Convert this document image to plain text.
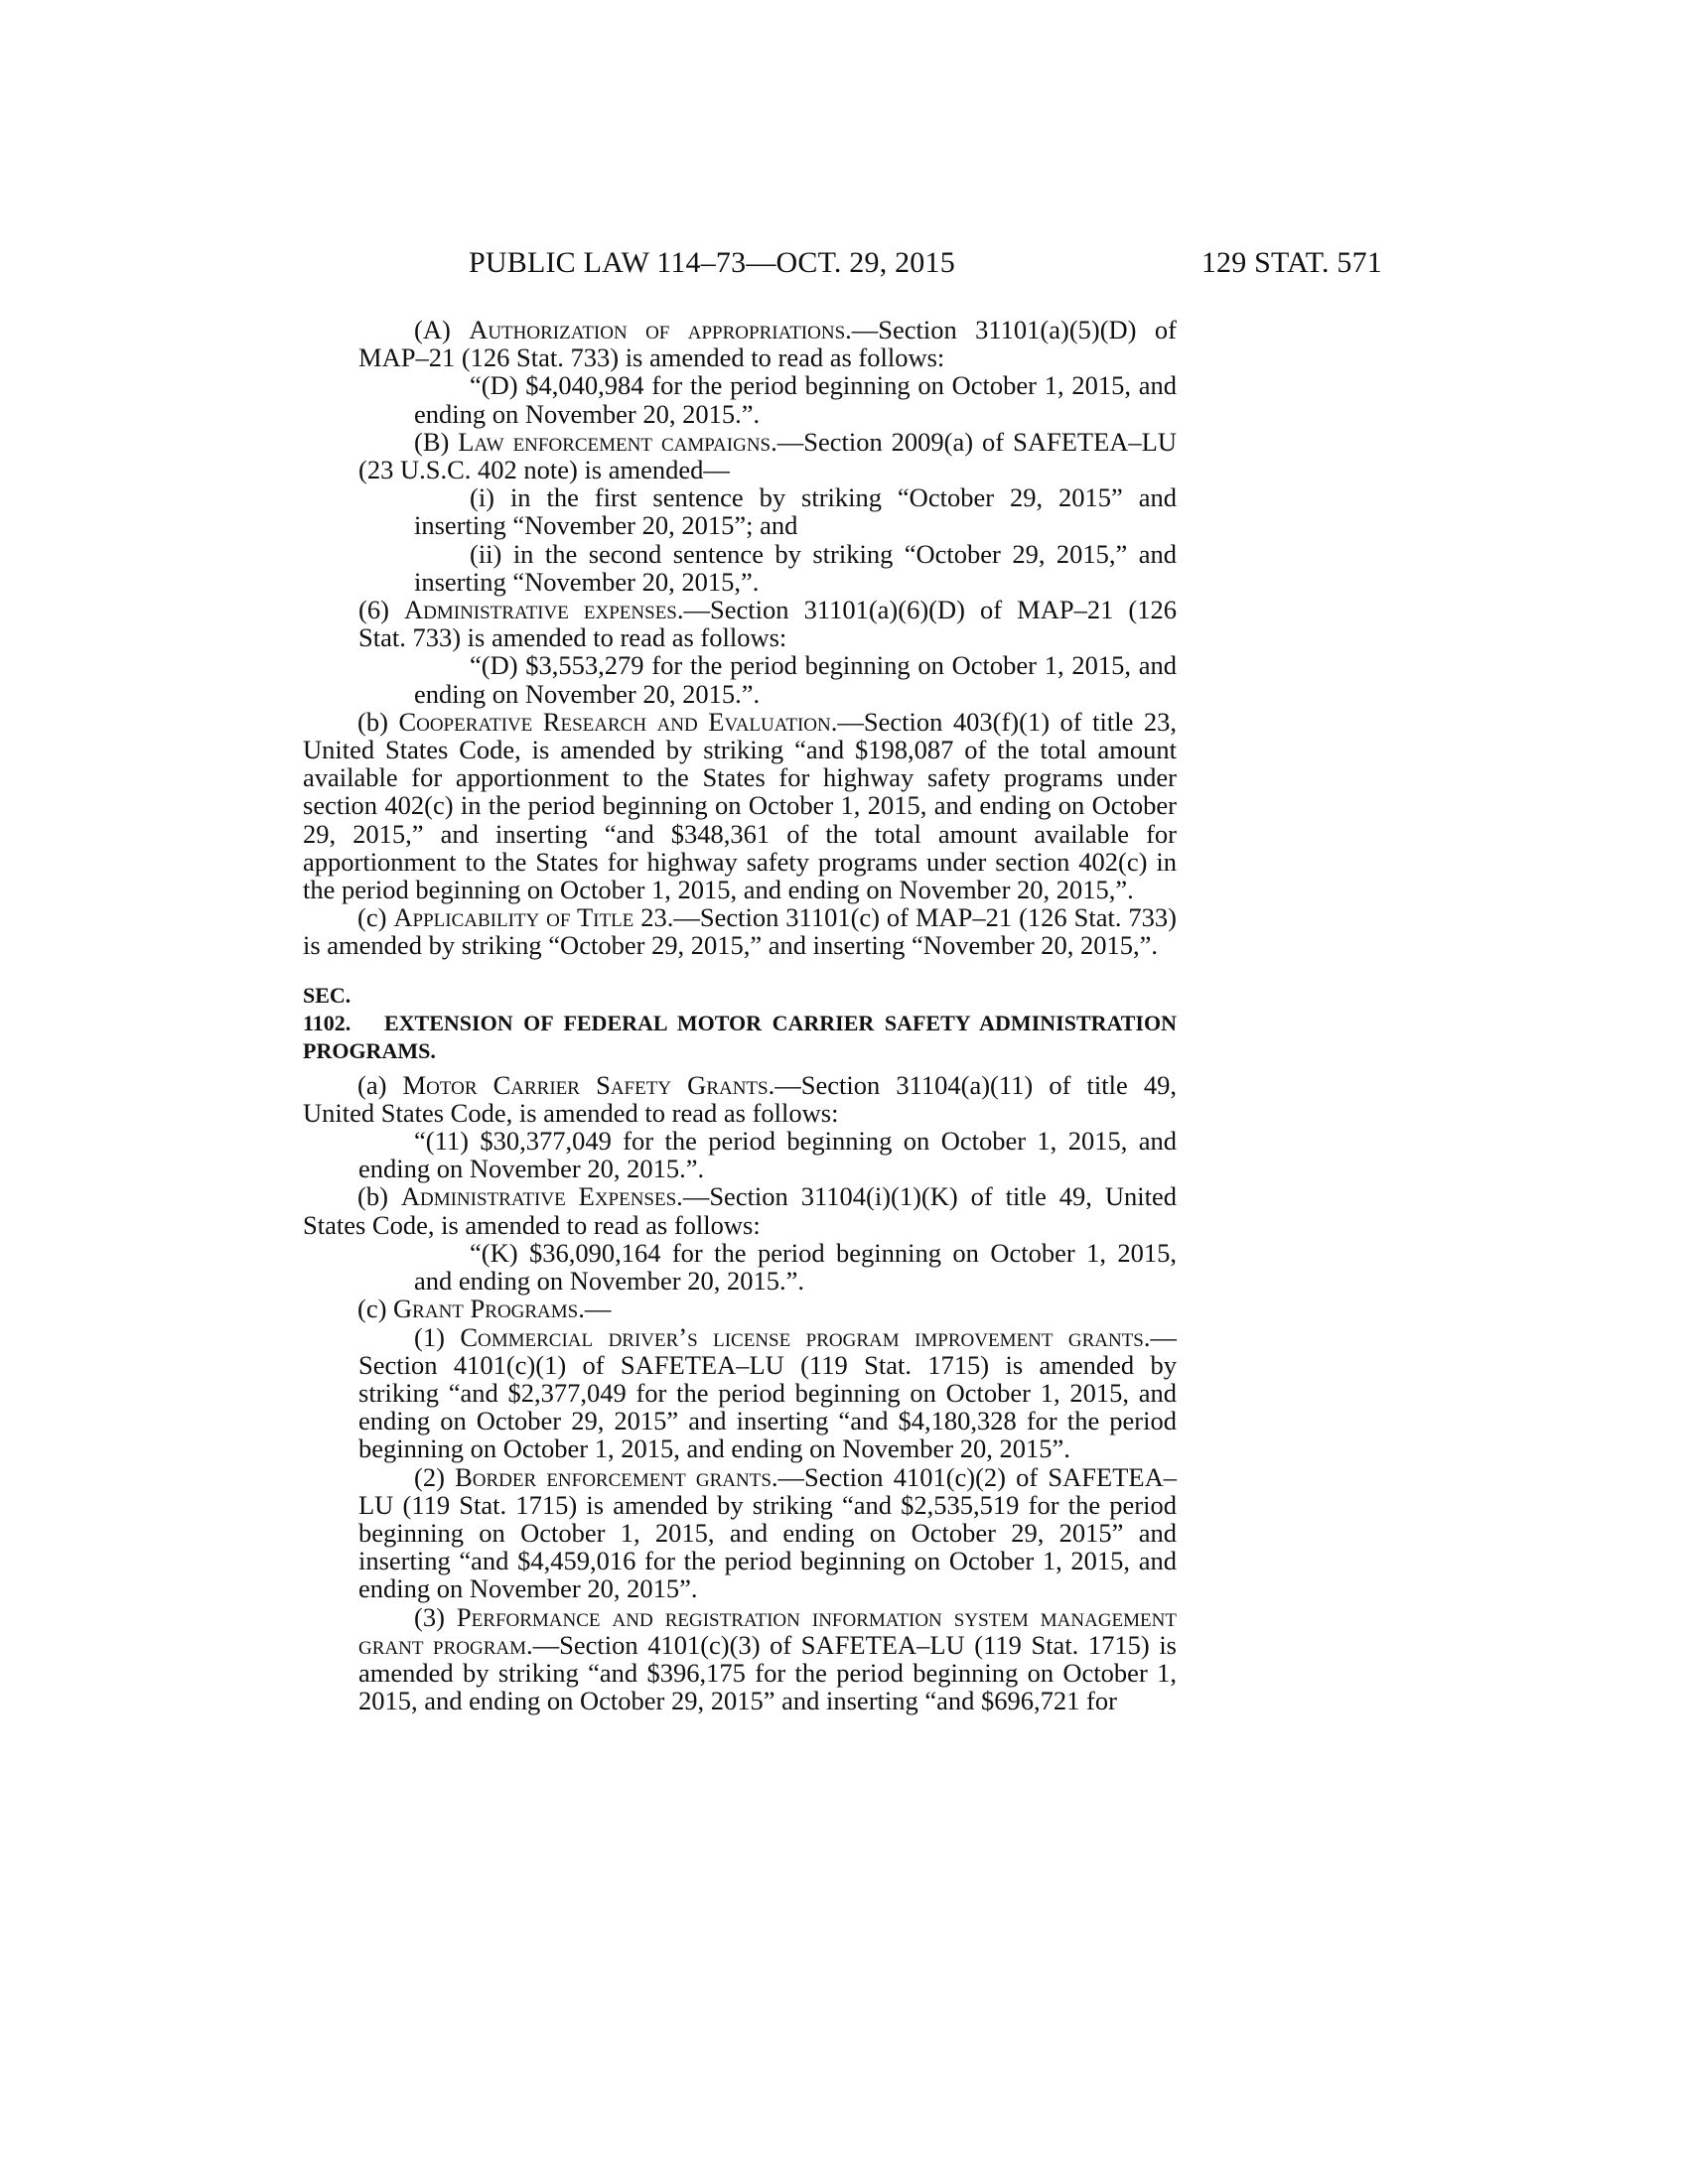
PUBLIC LAW 114–73—OCT. 29, 2015	129 STAT. 571

(A) Authorization of appropriations.—Section 31101(a)(5)(D) of MAP–21 (126 Stat. 733) is amended to read as follows:

“(D) $4,040,984 for the period beginning on October 1, 2015, and ending on November 20, 2015.”.

(B) Law enforcement campaigns.—Section 2009(a) of SAFETEA–LU (23 U.S.C. 402 note) is amended—

(i) in the first sentence by striking “October 29, 2015” and inserting “November 20, 2015”; and

(ii) in the second sentence by striking “October 29, 2015,” and inserting “November 20, 2015,”.

(6) Administrative expenses.—Section 31101(a)(6)(D) of MAP–21 (126 Stat. 733) is amended to read as follows:

“(D) $3,553,279 for the period beginning on October 1, 2015, and ending on November 20, 2015.”.

(b) Cooperative Research and Evaluation.—Section 403(f)(1) of title 23, United States Code, is amended by striking “and $198,087 of the total amount available for apportionment to the States for highway safety programs under section 402(c) in the period beginning on October 1, 2015, and ending on October 29, 2015,” and inserting “and $348,361 of the total amount available for apportionment to the States for highway safety programs under section 402(c) in the period beginning on October 1, 2015, and ending on November 20, 2015,”.

(c) Applicability of Title 23.—Section 31101(c) of MAP–21 (126 Stat. 733) is amended by striking “October 29, 2015,” and inserting “November 20, 2015,”.

SEC. 1102. EXTENSION OF FEDERAL MOTOR CARRIER SAFETY ADMINISTRATION PROGRAMS.

(a) Motor Carrier Safety Grants.—Section 31104(a)(11) of title 49, United States Code, is amended to read as follows:

“(11) $30,377,049 for the period beginning on October 1, 2015, and ending on November 20, 2015.”.

(b) Administrative Expenses.—Section 31104(i)(1)(K) of title 49, United States Code, is amended to read as follows:

“(K) $36,090,164 for the period beginning on October 1, 2015, and ending on November 20, 2015.”.

(c) Grant Programs.—

(1) Commercial driver’s license program improvement grants.—Section 4101(c)(1) of SAFETEA–LU (119 Stat. 1715) is amended by striking “and $2,377,049 for the period beginning on October 1, 2015, and ending on October 29, 2015” and inserting “and $4,180,328 for the period beginning on October 1, 2015, and ending on November 20, 2015”.

(2) Border enforcement grants.—Section 4101(c)(2) of SAFETEA–LU (119 Stat. 1715) is amended by striking “and $2,535,519 for the period beginning on October 1, 2015, and ending on October 29, 2015” and inserting “and $4,459,016 for the period beginning on October 1, 2015, and ending on November 20, 2015”.

(3) Performance and registration information system management grant program.—Section 4101(c)(3) of SAFETEA–LU (119 Stat. 1715) is amended by striking “and $396,175 for the period beginning on October 1, 2015, and ending on October 29, 2015” and inserting “and $696,721 for
